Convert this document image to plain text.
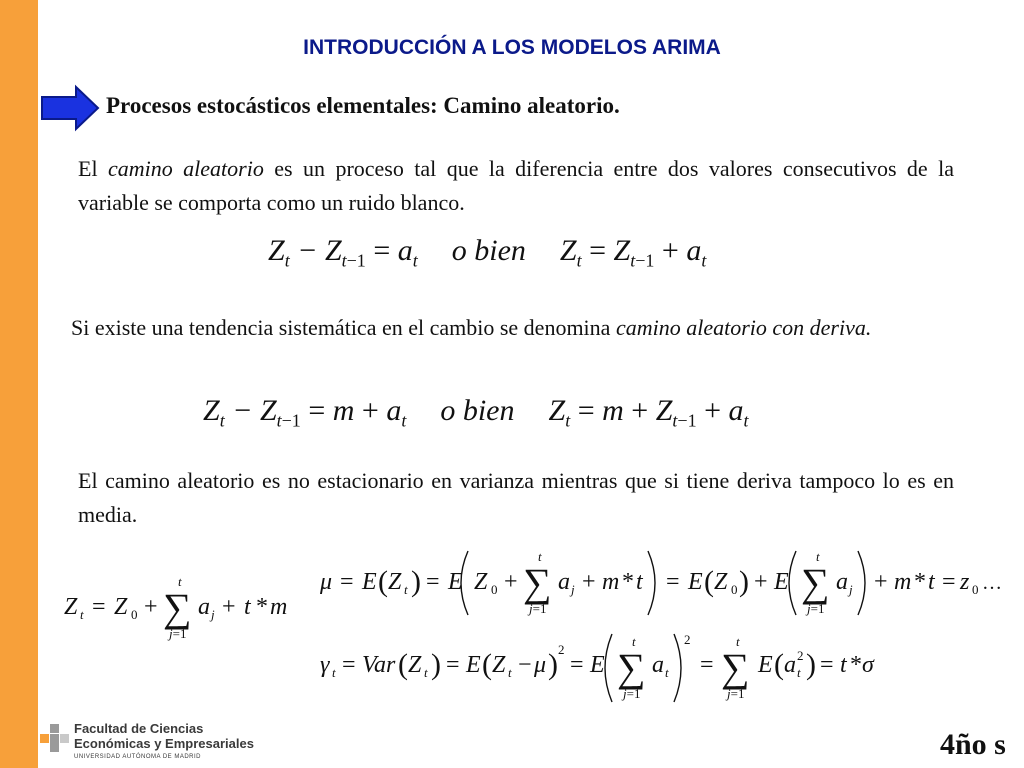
INTRODUCCIÓN A LOS MODELOS ARIMA
Procesos estocásticos elementales: Camino aleatorio.
El camino aleatorio es un proceso tal que la diferencia entre dos valores consecutivos de la variable se comporta como un ruido blanco.
$Z_t - Z_{t-1} = a_t$ o bien $Z_t = Z_{t-1} + a_t$
Si existe una tendencia sistemática en el cambio se denomina camino aleatorio con deriva.
$Z_t - Z_{t-1} = m + a_t$ o bien $Z_t = m + Z_{t-1} + a_t$
El camino aleatorio es no estacionario en varianza mientras que si tiene deriva tampoco lo es en media.
Z t = Z 0 +
t
∑
j=1
a j + t * m
μ = E ( Z t ) = E Z 0 +
t
∑
j=1
a j + m * t = E ( Z 0 ) + E
t
∑
j=1
a j + m * t = z 0 …
γ t = Var ( Z t ) = E ( Z t − μ ) 2
= E
t
∑
j=1
a t
2
=
t
∑
j=1
E ( a t
2 ) = t * σ
Facultad de Ciencias
Económicas y Empresariales
UNIVERSIDAD AUTÓNOMA DE MADRID	4ño s
